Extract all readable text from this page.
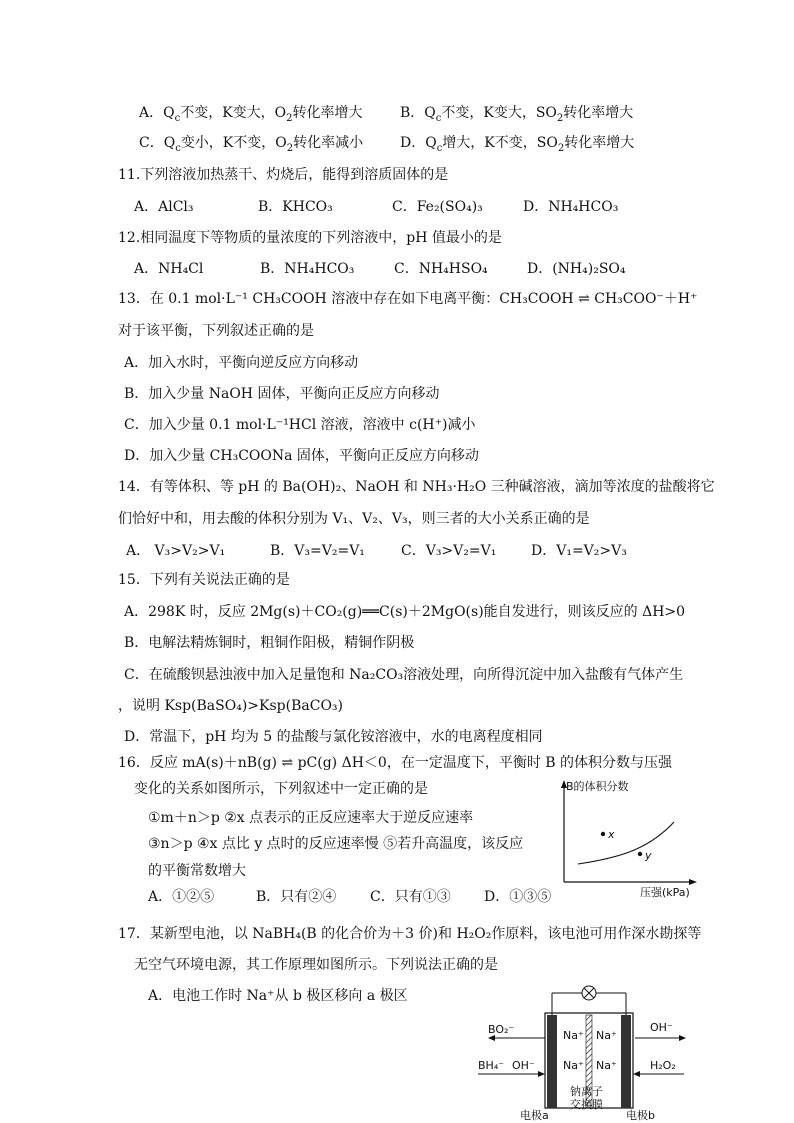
A．$Q_c$不变，K变大，$O_2$转化率增大	B．$Q_c$不变，K变大，$SO_2$转化率增大
C．$Q_c$变小，K不变，$O_2$转化率减小	D．$Q_c$增大，K不变，$SO_2$转化率增大
11.下列溶液加热蒸干、灼烧后，能得到溶质固体的是
A．AlCl₃	B．KHCO₃	C．Fe₂(SO₄)₃	D．NH₄HCO₃
12.相同温度下等物质的量浓度的下列溶液中，pH 值最小的是
A．NH₄Cl	B．NH₄HCO₃	C．NH₄HSO₄	D．(NH₄)₂SO₄
13．在 0.1 mol·L⁻¹ CH₃COOH 溶液中存在如下电离平衡：CH₃COOH ⇌ CH₃COO⁻＋H⁺
对于该平衡，下列叙述正确的是
A．加入水时，平衡向逆反应方向移动
B．加入少量 NaOH 固体，平衡向正反应方向移动
C．加入少量 0.1 mol·L⁻¹HCl 溶液，溶液中 c(H⁺)减小
D．加入少量 CH₃COONa 固体，平衡向正反应方向移动
14．有等体积、等 pH 的 Ba(OH)₂、NaOH 和 NH₃·H₂O 三种碱溶液，滴加等浓度的盐酸将它
们恰好中和，用去酸的体积分别为 V₁、V₂、V₃，则三者的大小关系正确的是
A． V₃>V₂>V₁	B．V₃=V₂=V₁	C．V₃>V₂=V₁ D．V₁=V₂>V₃
15．下列有关说法正确的是
A．298K 时，反应 2Mg(s)＋CO₂(g)══C(s)＋2MgO(s)能自发进行，则该反应的 ΔH>0
B．电解法精炼铜时，粗铜作阳极，精铜作阴极
C．在硫酸钡悬浊液中加入足量饱和 Na₂CO₃溶液处理，向所得沉淀中加入盐酸有气体产生
，说明 Ksp(BaSO₄)>Ksp(BaCO₃)
D．常温下，pH 均为 5 的盐酸与氯化铵溶液中，水的电离程度相同
16．反应 mA(s)＋nB(g) ⇌ pC(g) ΔH＜0，在一定温度下，平衡时 B 的体积分数与压强
变化的关系如图所示，下列叙述中一定正确的是
①m＋n＞p ②x 点表示的正反应速率大于逆反应速率
③n＞p ④x 点比 y 点时的反应速率慢 ⑤若升高温度，该反应
的平衡常数增大
A．①②⑤	B．只有②④ C．只有①③ D．①③⑤
B的体积分数
x
y
压强(kPa)
17．某新型电池，以 NaBH₄(B 的化合价为＋3 价)和 H₂O₂作原料，该电池可用作深水勘探等
无空气环境电源，其工作原理如图所示。下列说法正确的是
A．电池工作时 Na⁺从 b 极区移向 a 极区
BO₂⁻
BH₄⁻ OH⁻
Na⁺ Na⁺
Na⁺ Na⁺
OH⁻
H₂O₂
钠离子
交换膜
电极a	电极b
